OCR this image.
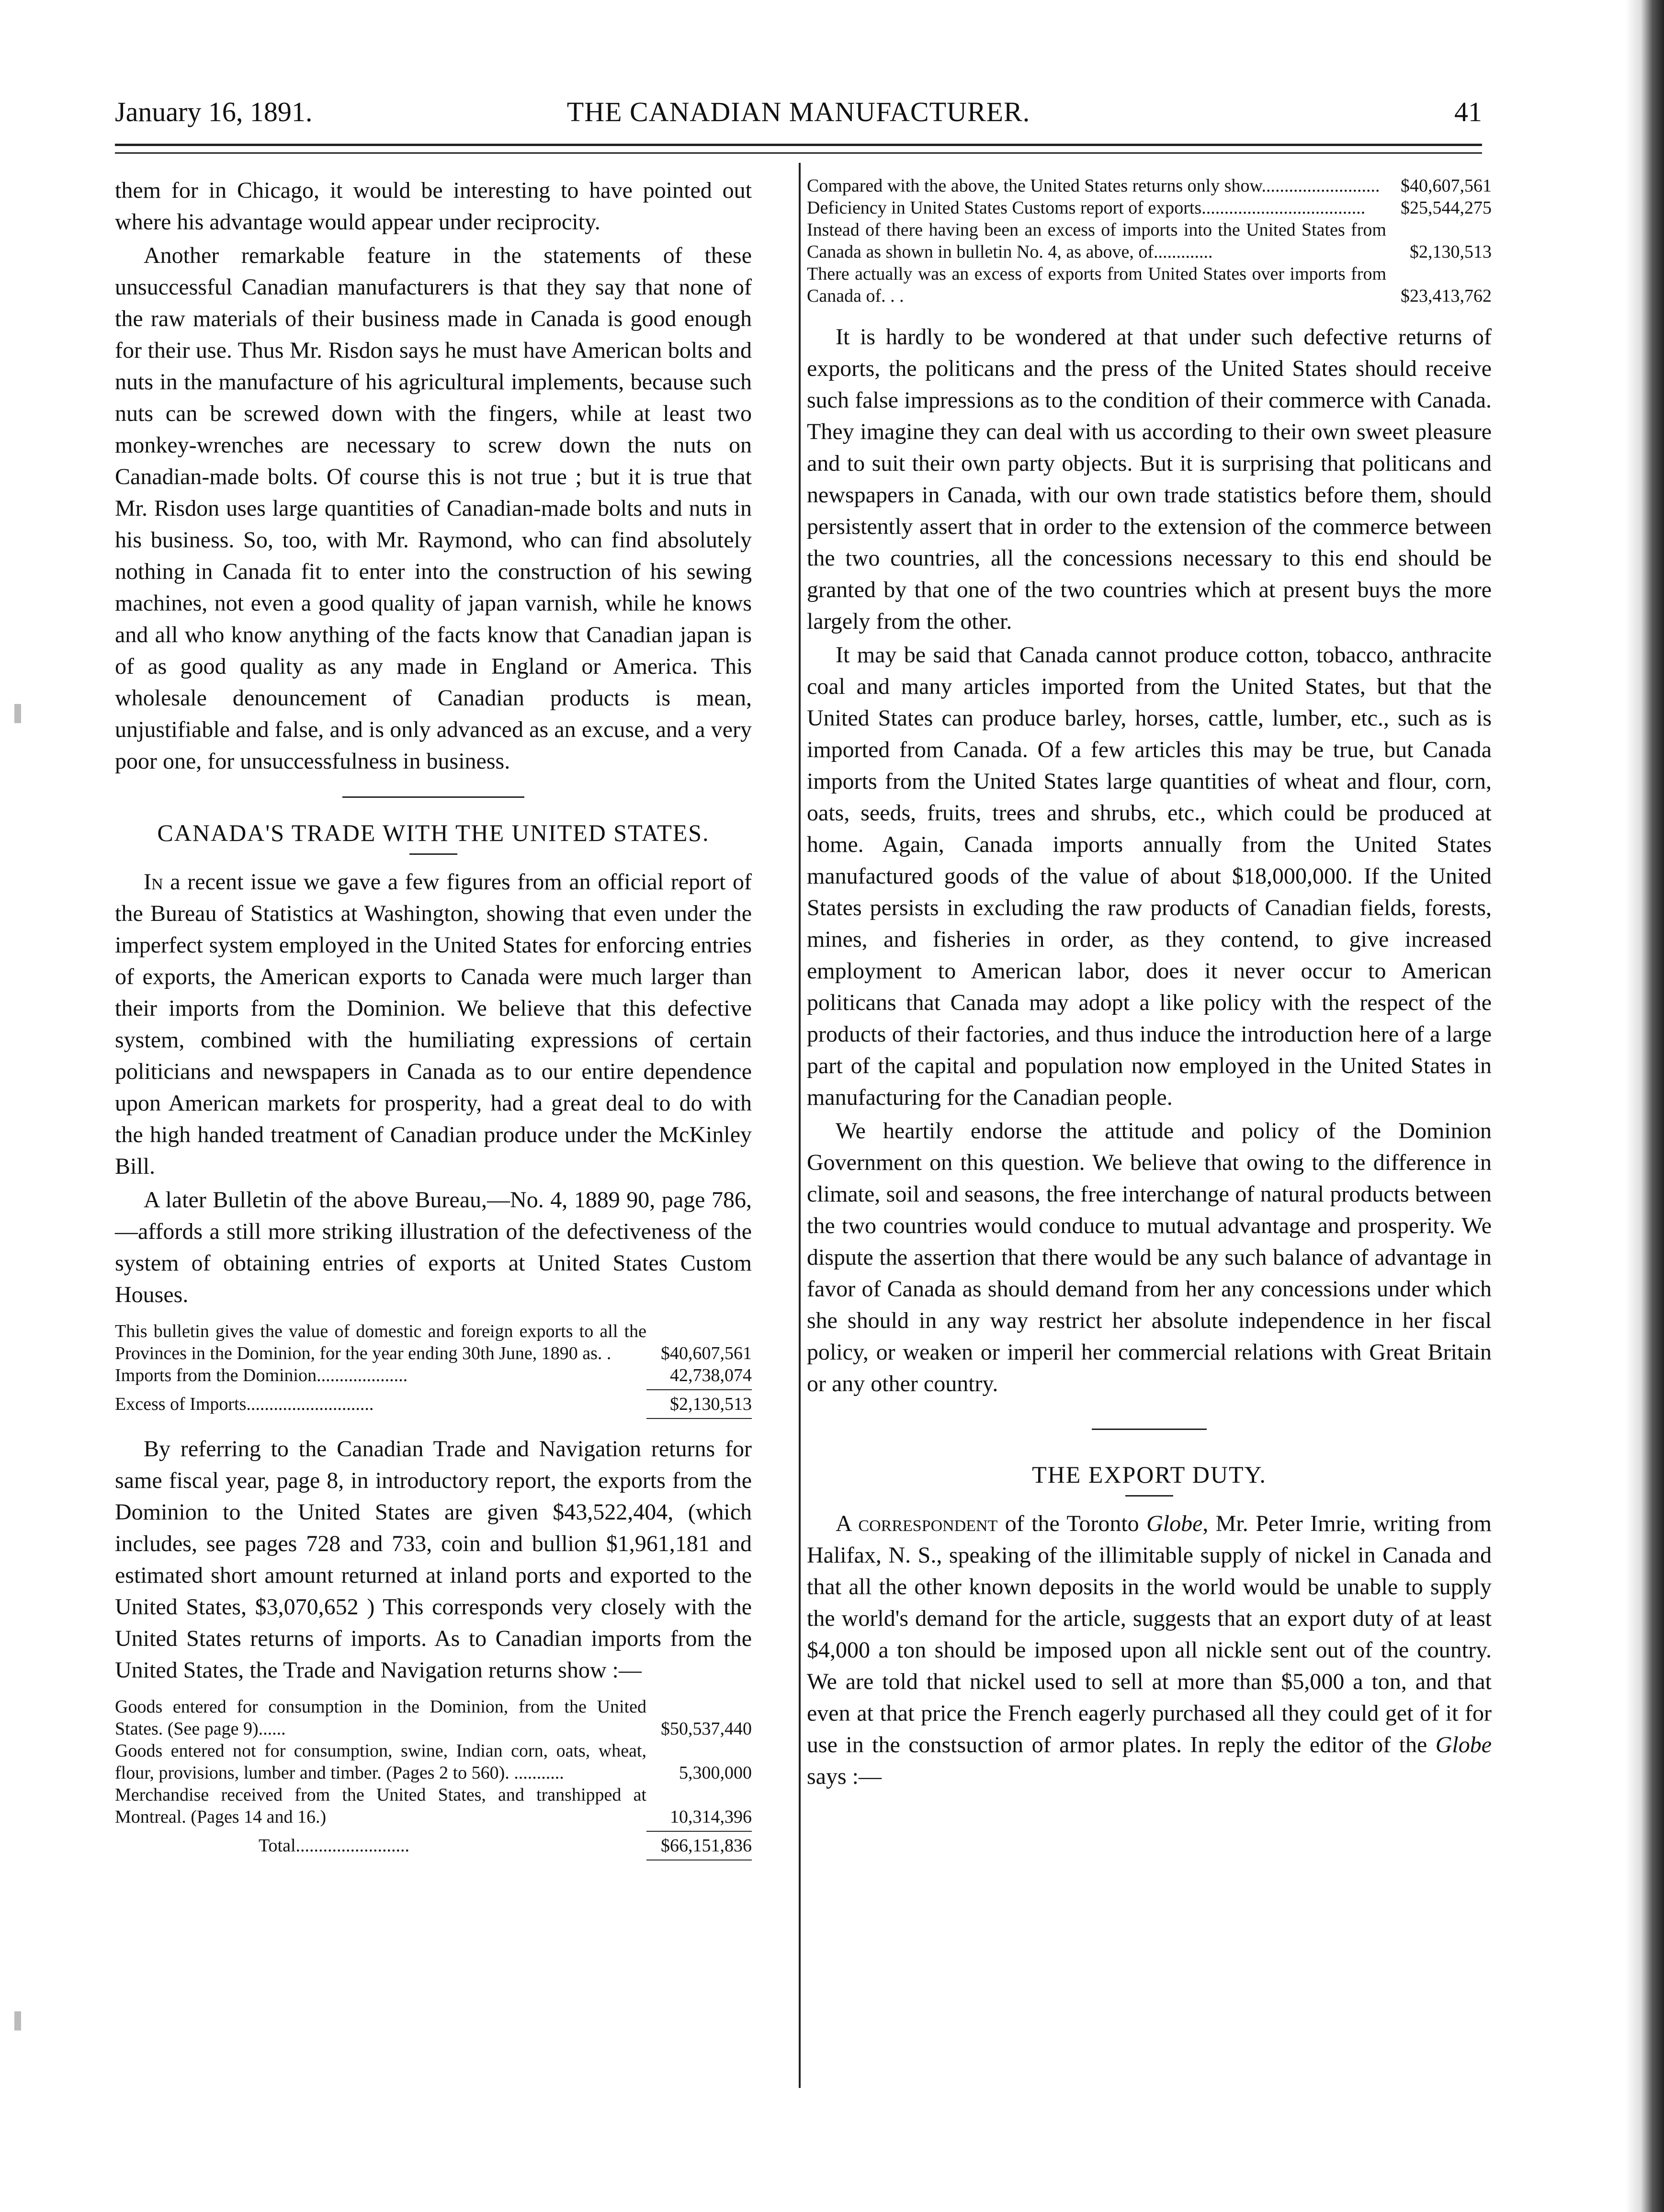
January 16, 1891.	THE CANADIAN MANUFACTURER.	41

them for in Chicago, it would be interesting to have pointed out where his advantage would appear under reciprocity.

Another remarkable feature in the statements of these unsuccessful Canadian manufacturers is that they say that none of the raw materials of their business made in Canada is good enough for their use. Thus Mr. Risdon says he must have American bolts and nuts in the manufacture of his agricultural implements, because such nuts can be screwed down with the fingers, while at least two monkey-wrenches are necessary to screw down the nuts on Canadian-made bolts. Of course this is not true ; but it is true that Mr. Risdon uses large quantities of Canadian-made bolts and nuts in his business. So, too, with Mr. Raymond, who can find absolutely nothing in Canada fit to enter into the construction of his sewing machines, not even a good quality of japan varnish, while he knows and all who know anything of the facts know that Canadian japan is of as good quality as any made in England or America. This wholesale denouncement of Canadian products is mean, unjustifiable and false, and is only advanced as an excuse, and a very poor one, for unsuccessfulness in business.

CANADA'S TRADE WITH THE UNITED STATES.

In a recent issue we gave a few figures from an official report of the Bureau of Statistics at Washington, showing that even under the imperfect system employed in the United States for enforcing entries of exports, the American exports to Canada were much larger than their imports from the Dominion. We believe that this defective system, combined with the humiliating expressions of certain politicians and newspapers in Canada as to our entire dependence upon American markets for prosperity, had a great deal to do with the high handed treatment of Canadian produce under the McKinley Bill.

A later Bulletin of the above Bureau,—No. 4, 1889 90, page 786,—affords a still more striking illustration of the defectiveness of the system of obtaining entries of exports at United States Custom Houses.

This bulletin gives the value of domestic and foreign exports to all the Provinces in the Dominion, for the year ending 30th June, 1890 as. .	$40,607,561
Imports from the Dominion....................	42,738,074
Excess of Imports............................	$2,130,513

By referring to the Canadian Trade and Navigation returns for same fiscal year, page 8, in introductory report, the exports from the Dominion to the United States are given $43,522,404, (which includes, see pages 728 and 733, coin and bullion $1,961,181 and estimated short amount returned at inland ports and exported to the United States, $3,070,652 ) This corresponds very closely with the United States returns of imports. As to Canadian imports from the United States, the Trade and Navigation returns show :—

Goods entered for consumption in the Dominion, from the United States. (See page 9)......	$50,537,440
Goods entered not for consumption, swine, Indian corn, oats, wheat, flour, provisions, lumber and timber. (Pages 2 to 560). ...........	5,300,000
Merchandise received from the United States, and transhipped at Montreal. (Pages 14 and 16.)	10,314,396
Total.........................	$66,151,836
Compared with the above, the United States returns only show..........................	$40,607,561
Deficiency in United States Customs report of exports....................................	$25,544,275
Instead of there having been an excess of imports into the United States from Canada as shown in bulletin No. 4, as above, of.............	$2,130,513
There actually was an excess of exports from United States over imports from Canada of. . .	$23,413,762

It is hardly to be wondered at that under such defective returns of exports, the politicans and the press of the United States should receive such false impressions as to the condition of their commerce with Canada. They imagine they can deal with us according to their own sweet pleasure and to suit their own party objects. But it is surprising that politicans and newspapers in Canada, with our own trade statistics before them, should persistently assert that in order to the extension of the commerce between the two countries, all the concessions necessary to this end should be granted by that one of the two countries which at present buys the more largely from the other.

It may be said that Canada cannot produce cotton, tobacco, anthracite coal and many articles imported from the United States, but that the United States can produce barley, horses, cattle, lumber, etc., such as is imported from Canada. Of a few articles this may be true, but Canada imports from the United States large quantities of wheat and flour, corn, oats, seeds, fruits, trees and shrubs, etc., which could be produced at home. Again, Canada imports annually from the United States manufactured goods of the value of about $18,000,000. If the United States persists in excluding the raw products of Canadian fields, forests, mines, and fisheries in order, as they contend, to give increased employment to American labor, does it never occur to American politicans that Canada may adopt a like policy with the respect of the products of their factories, and thus induce the introduction here of a large part of the capital and population now employed in the United States in manufacturing for the Canadian people.

We heartily endorse the attitude and policy of the Dominion Government on this question. We believe that owing to the difference in climate, soil and seasons, the free interchange of natural products between the two countries would conduce to mutual advantage and prosperity. We dispute the assertion that there would be any such balance of advantage in favor of Canada as should demand from her any concessions under which she should in any way restrict her absolute independence in her fiscal policy, or weaken or imperil her commercial relations with Great Britain or any other country.

THE EXPORT DUTY.

A correspondent of the Toronto Globe, Mr. Peter Imrie, writing from Halifax, N. S., speaking of the illimitable supply of nickel in Canada and that all the other known deposits in the world would be unable to supply the world's demand for the article, suggests that an export duty of at least $4,000 a ton should be imposed upon all nickle sent out of the country. We are told that nickel used to sell at more than $5,000 a ton, and that even at that price the French eagerly purchased all they could get of it for use in the constsuction of armor plates. In reply the editor of the Globe says :—
